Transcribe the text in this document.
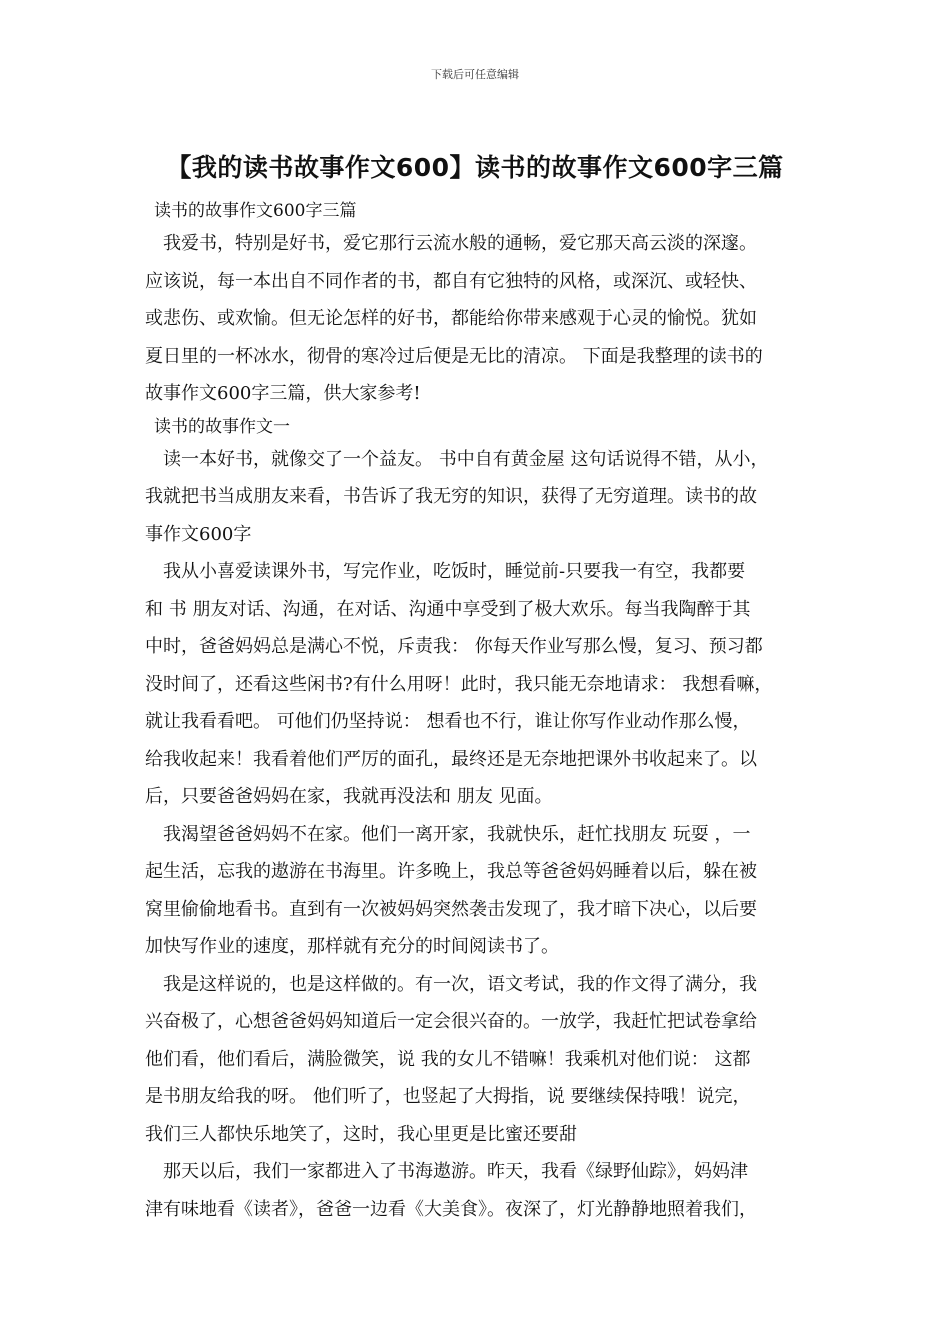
下载后可任意编辑
【我的读书故事作文600】读书的故事作文600字三篇
读书的故事作文600字三篇
　我爱书，特别是好书，爱它那行云流水般的通畅，爱它那天高云淡的深邃。
应该说，每一本出自不同作者的书，都自有它独特的风格，或深沉、或轻快、
或悲伤、或欢愉。但无论怎样的好书，都能给你带来感观于心灵的愉悦。犹如
夏日里的一杯冰水，彻骨的寒冷过后便是无比的清凉。 下面是我整理的读书的
故事作文600字三篇，供大家参考!
读书的故事作文一
　读一本好书，就像交了一个益友。 书中自有黄金屋 这句话说得不错，从小，
我就把书当成朋友来看，书告诉了我无穷的知识，获得了无穷道理。读书的故
事作文600字
　我从小喜爱读课外书，写完作业，吃饭时，睡觉前-只要我一有空，我都要
和 书 朋友对话、沟通，在对话、沟通中享受到了极大欢乐。每当我陶醉于其
中时，爸爸妈妈总是满心不悦，斥责我： 你每天作业写那么慢，复习、预习都
没时间了，还看这些闲书?有什么用呀！此时，我只能无奈地请求： 我想看嘛，
就让我看看吧。 可他们仍坚持说： 想看也不行，谁让你写作业动作那么慢，
给我收起来！我看着他们严厉的面孔，最终还是无奈地把课外书收起来了。以
后，只要爸爸妈妈在家，我就再没法和 朋友 见面。
　我渴望爸爸妈妈不在家。他们一离开家，我就快乐，赶忙找朋友 玩耍 ，一
起生活，忘我的遨游在书海里。许多晚上，我总等爸爸妈妈睡着以后，躲在被
窝里偷偷地看书。直到有一次被妈妈突然袭击发现了，我才暗下决心，以后要
加快写作业的速度，那样就有充分的时间阅读书了。
　我是这样说的，也是这样做的。有一次，语文考试，我的作文得了满分，我
兴奋极了，心想爸爸妈妈知道后一定会很兴奋的。一放学，我赶忙把试卷拿给
他们看，他们看后，满脸微笑，说 我的女儿不错嘛！我乘机对他们说： 这都
是书朋友给我的呀。 他们听了，也竖起了大拇指，说 要继续保持哦！说完，
我们三人都快乐地笑了，这时，我心里更是比蜜还要甜
　那天以后，我们一家都进入了书海遨游。昨天，我看《绿野仙踪》，妈妈津
津有味地看《读者》，爸爸一边看《大美食》。夜深了，灯光静静地照着我们，
